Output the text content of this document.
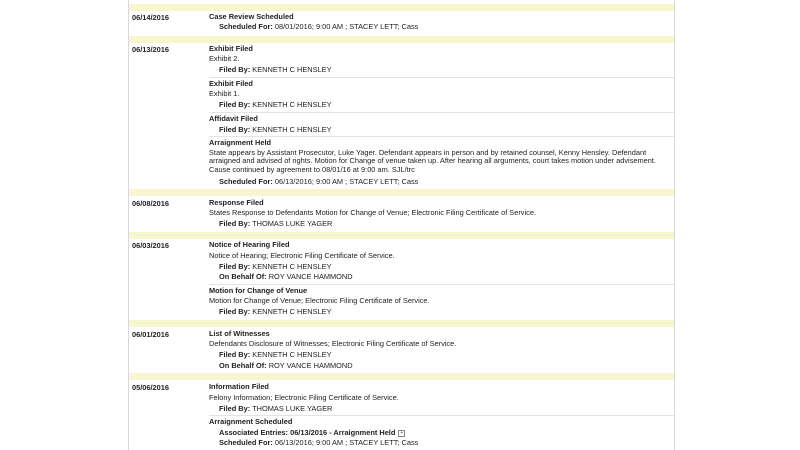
06/14/2016	Case Review Scheduled
Scheduled For: 08/01/2016; 9:00 AM ; STACEY LETT; Cass
06/13/2016	Exhibit Filed
Exhibit 2.
Filed By: KENNETH C HENSLEY
Exhibit Filed
Exhibit 1.
Filed By: KENNETH C HENSLEY
Affidavit Filed
Filed By: KENNETH C HENSLEY
Arraignment Held
State appears by Assistant Prosecutor, Luke Yager. Defendant appears in person and by retained counsel, Kenny Hensley. Defendant arraigned and advised of rights. Motion for Change of venue taken up. After hearing all arguments, court takes motion under advisement. Cause continued by agreement to 08/01/16 at 9:00 am. SJL/trc
Scheduled For: 06/13/2016; 9:00 AM ; STACEY LETT; Cass
06/08/2016	Response Filed
States Response to Defendants Motion for Change of Venue; Electronic Filing Certificate of Service.
Filed By: THOMAS LUKE YAGER
06/03/2016	Notice of Hearing Filed
Notice of Hearing; Electronic Filing Certificate of Service.
Filed By: KENNETH C HENSLEY
On Behalf Of: ROY VANCE HAMMOND
Motion for Change of Venue
Motion for Change of Venue; Electronic Filing Certificate of Service.
Filed By: KENNETH C HENSLEY
06/01/2016	List of Witnesses
Defendants Disclosure of Witnesses; Electronic Filing Certificate of Service.
Filed By: KENNETH C HENSLEY
On Behalf Of: ROY VANCE HAMMOND
05/06/2016	Information Filed
Felony Information; Electronic Filing Certificate of Service.
Filed By: THOMAS LUKE YAGER
Arraignment Scheduled
Associated Entries: 06/13/2016 - Arraignment Held +
Scheduled For: 06/13/2016; 9:00 AM ; STACEY LETT; Cass
